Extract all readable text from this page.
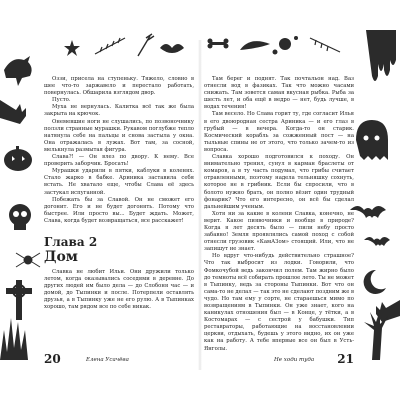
Оззи, присела на ступеньку. Тяжело, словно в шее что-то заржавело и перестало работать, повернулась. Обшарила взглядом двор.

Пусто.

Муха не вернулась. Калитка всё так же была закрыта на крючок.

Онемевшие ноги не слушались, по позвоночнику ползли странные мурашки. Рукавом поглубже тепло натянула себе на пальцы и снова застыла у окна. Она отражалась в лужах. Вот там, за сосной, мелькнула размытая фигура.

Слава?! — Он влез по двору. К нему. Все проверить заборчик. Бросать!

Мурашки ударили в пятки, каблуки в коленях. Стало жарко в бабке. Ариника заставила себя встать. Не хватало еще, чтобы Слава её здесь застукал испуганной.

Побежать бы за Славой. Он не сможет его догонит. Его и не будет догонять. Потому что быстрее. Или просто вы... Будет ждать. Может, Слава, когда будет возвращаться, все расскажет!

Глава 2
Дом

Славка не любит Ильи. Они дружили только летом, когда оказывались соседями в деревне. До других людей им было дела — до Слобоня час — и домой, до Тыпинки и после. Потерпели оставлять друзья, а в Тыпинку уже не его рулю. А в Тыпинках хорошо, там рядом все по себе никак.

20	Елена Усачёва

Там берег и поднят. Так почтальон над. Ваз отнесли вод в фазиках. Так что можно часами снижать. Там зовется самая вкусная рыбка. Рыба за шесть лет, и оба ещё в ведро — нет, будь лучше, в водах течения!

Там весело. Но Слава горит ту, где согласит Илья в его двоюродная сестра Ариника — и его глаз в грубый — в вечера. Когда-то он старик. Космический корабль за сожженный пост — на тыльные спины не от этого, что только зачем-то из вопроса.

Славка хорошо подготовился к походу. Он внимательно тренил, сунул в карман браслеты от комаров, а в ту часть подумал, что грибы считает отравленными, поэтому надела тельняшку сохнуть, которое не в грибник. Если бы спросили, что в болото нужно брать, он полно вёзит один трудный фонарик? Что его интересно, он всё бы сделал дальнейшим ученым.

Хотя ни за какие в колени Славка, конечно, не верит. Какое пиявочники и вообще в природе? Когда я лет десять было — пили небу просто забавно! Земля проявлялись самой поход с собой отнесли грузовик «КамАЗом» стоящий. Или, что не запишут не знает.

Но вдруг что-нибудь действительно страшное? Что так выбросит из лодки. Говорили, что Фомкочубой ведь закончил полем. Там жирно было до темноты всё собирать прошлое лето. Ты не может в Тыпинку, ведь за стороны Тыпинки. Вот что он сама-то не делал — так это не сделают поздним же в чудо. Но там ему у сорте, не стараешься мимо по возвращениям в Тыпинки. Он уже знает, кого на каникулах отношения был — в Конце, у тётки, а в Костомарах — с сестрой у бабушки. Тип реставраторы, работающие на восстановлении церкви, отдыхать, будешь у этого видно, их он уже как на работу. А тебе впервые все он был в Усть-Янголы.

Не ходи туда 21
